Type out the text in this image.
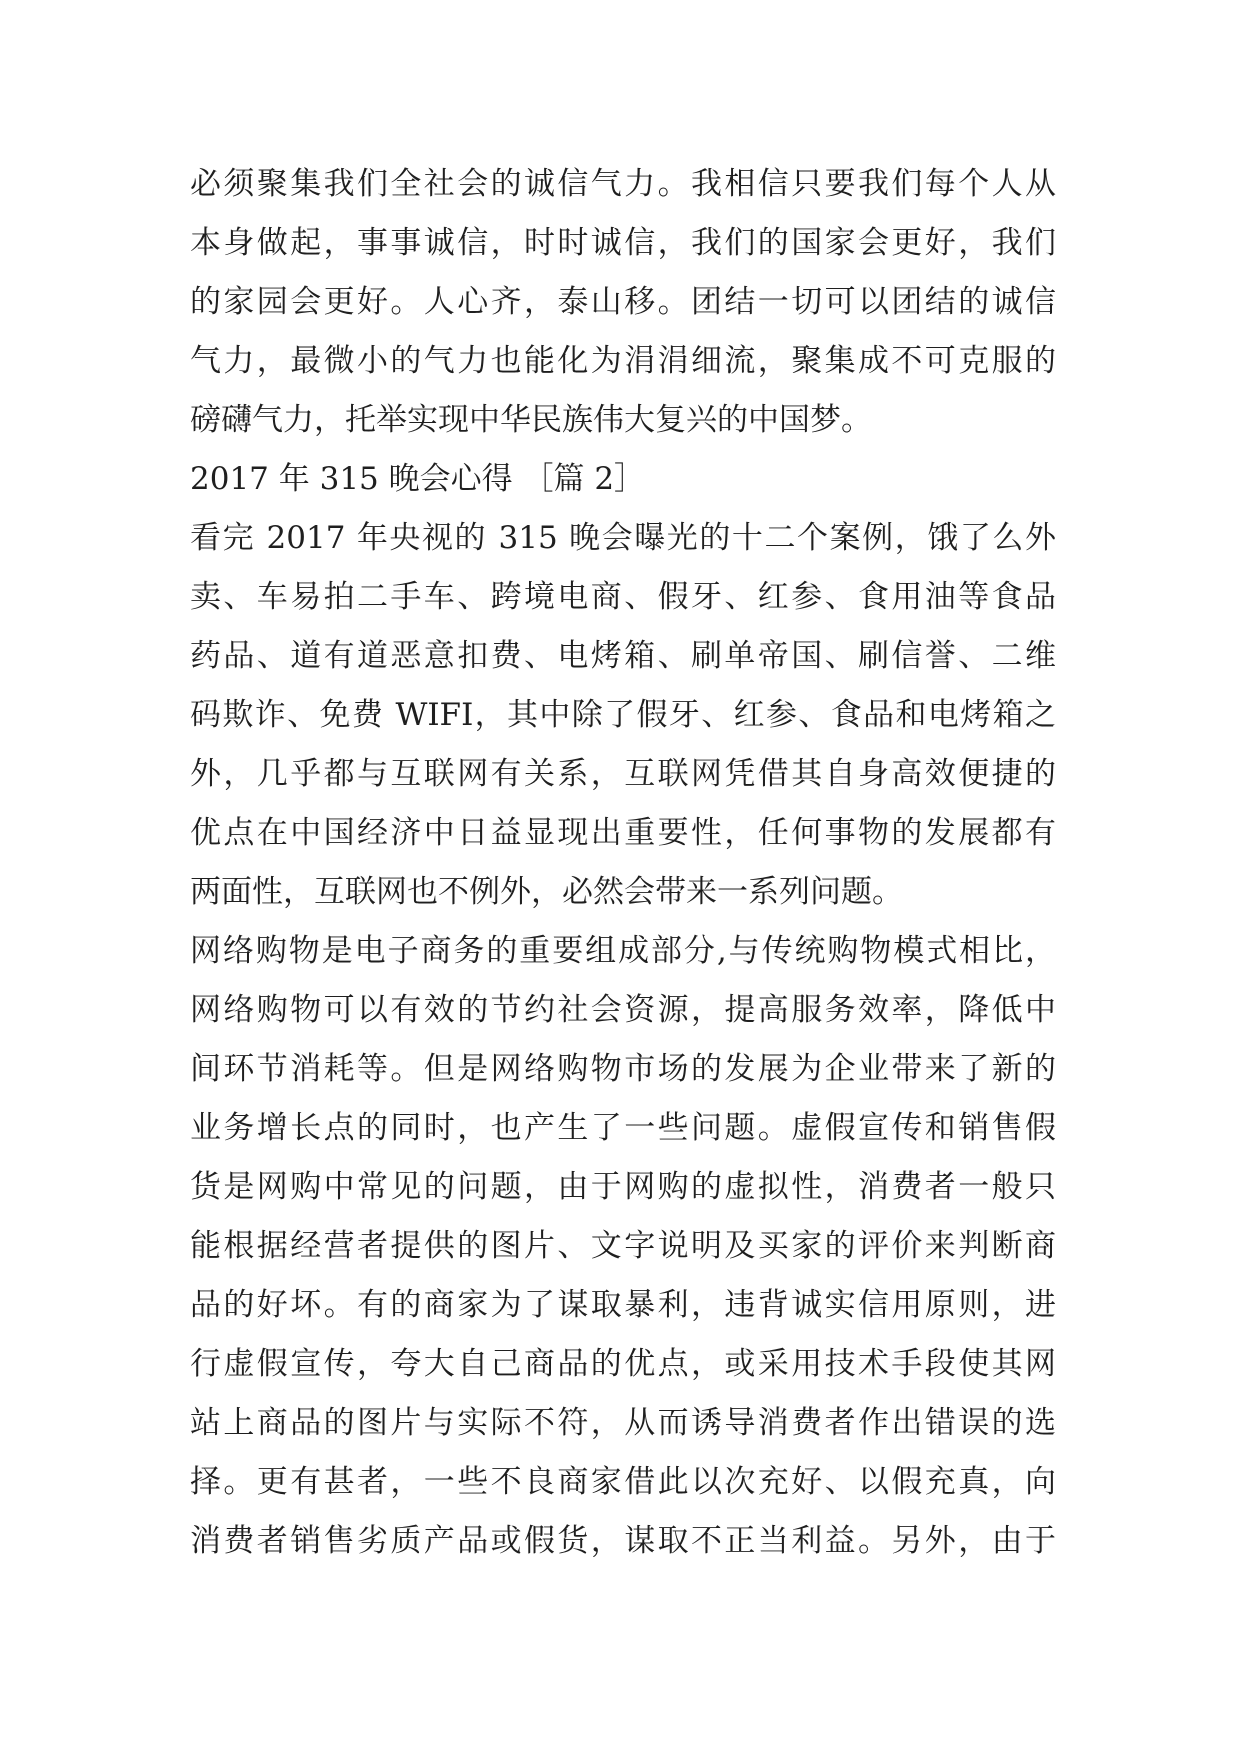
必须聚集我们全社会的诚信气力。我相信只要我们每个人从
本身做起，事事诚信，时时诚信，我们的国家会更好，我们
的家园会更好。人心齐，泰山移。团结一切可以团结的诚信
气力，最微小的气力也能化为涓涓细流，聚集成不可克服的
磅礴气力，托举实现中华民族伟大复兴的中国梦。
2017 年 315 晚会心得 ［篇 2］
看完 2017 年央视的 315 晚会曝光的十二个案例，饿了么外
卖、车易拍二手车、跨境电商、假牙、红参、食用油等食品
药品、道有道恶意扣费、电烤箱、刷单帝国、刷信誉、二维
码欺诈、免费 WIFI，其中除了假牙、红参、食品和电烤箱之
外，几乎都与互联网有关系，互联网凭借其自身高效便捷的
优点在中国经济中日益显现出重要性，任何事物的发展都有
两面性，互联网也不例外，必然会带来一系列问题。
网络购物是电子商务的重要组成部分,与传统购物模式相比，
网络购物可以有效的节约社会资源，提高服务效率，降低中
间环节消耗等。但是网络购物市场的发展为企业带来了新的
业务增长点的同时，也产生了一些问题。虚假宣传和销售假
货是网购中常见的问题，由于网购的虚拟性，消费者一般只
能根据经营者提供的图片、文字说明及买家的评价来判断商
品的好坏。有的商家为了谋取暴利，违背诚实信用原则，进
行虚假宣传，夸大自己商品的优点，或采用技术手段使其网
站上商品的图片与实际不符，从而诱导消费者作出错误的选
择。更有甚者，一些不良商家借此以次充好、以假充真，向
消费者销售劣质产品或假货，谋取不正当利益。另外，由于
